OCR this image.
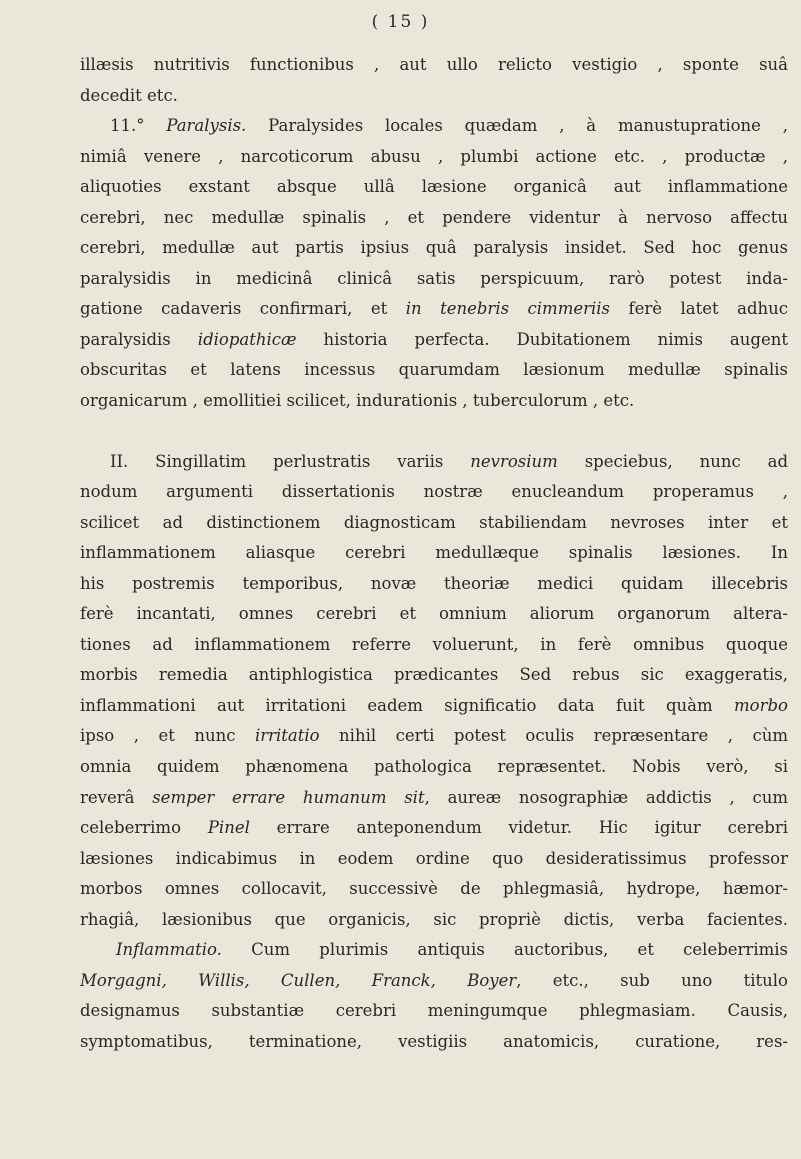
( 15 )
illæsis nutritivis functionibus , aut ullo relicto vestigio , sponte suâ
decedit etc.
11.° Paralysis. Paralysides locales quædam , à manustupratione ,
nimiâ venere , narcoticorum abusu , plumbi actione etc. , productæ ,
aliquoties exstant absque ullâ læsione organicâ aut inflammatione
cerebri, nec medullæ spinalis , et pendere videntur à nervoso affectu
cerebri, medullæ aut partis ipsius quâ paralysis insidet. Sed hoc genus
paralysidis in medicinâ clinicâ satis perspicuum, rarò potest inda-
gatione cadaveris confirmari, et in tenebris cimmeriis ferè latet adhuc
paralysidis idiopathicæ historia perfecta. Dubitationem nimis augent
obscuritas et latens incessus quarumdam læsionum medullæ spinalis
organicarum , emollitiei scilicet, indurationis , tuberculorum , etc.
II. Singillatim perlustratis variis nevrosium speciebus, nunc ad
nodum argumenti dissertationis nostræ enucleandum properamus ,
scilicet ad distinctionem diagnosticam stabiliendam nevroses inter et
inflammationem aliasque cerebri medullæque spinalis læsiones. In
his postremis temporibus, novæ theoriæ medici quidam illecebris
ferè incantati, omnes cerebri et omnium aliorum organorum altera-
tiones ad inflammationem referre voluerunt, in ferè omnibus quoque
morbis remedia antiphlogistica prædicantes Sed rebus sic exaggeratis,
inflammationi aut irritationi eadem significatio data fuit quàm morbo
ipso , et nunc irritatio nihil certi potest oculis repræsentare , cùm
omnia quidem phænomena pathologica repræsentet. Nobis verò, si
reverâ semper errare humanum sit, aureæ nosographiæ addictis , cum
celeberrimo Pinel errare anteponendum videtur. Hic igitur cerebri
læsiones indicabimus in eodem ordine quo desideratissimus professor
morbos omnes collocavit, successivè de phlegmasiâ, hydrope, hæmor-
rhagiâ, læsionibus que organicis, sic propriè dictis, verba facientes.
Inflammatio. Cum plurimis antiquis auctoribus, et celeberrimis
Morgagni, Willis, Cullen, Franck, Boyer, etc., sub uno titulo
designamus substantiæ cerebri meningumque phlegmasiam. Causis,
symptomatibus, terminatione, vestigiis anatomicis, curatione, res-
